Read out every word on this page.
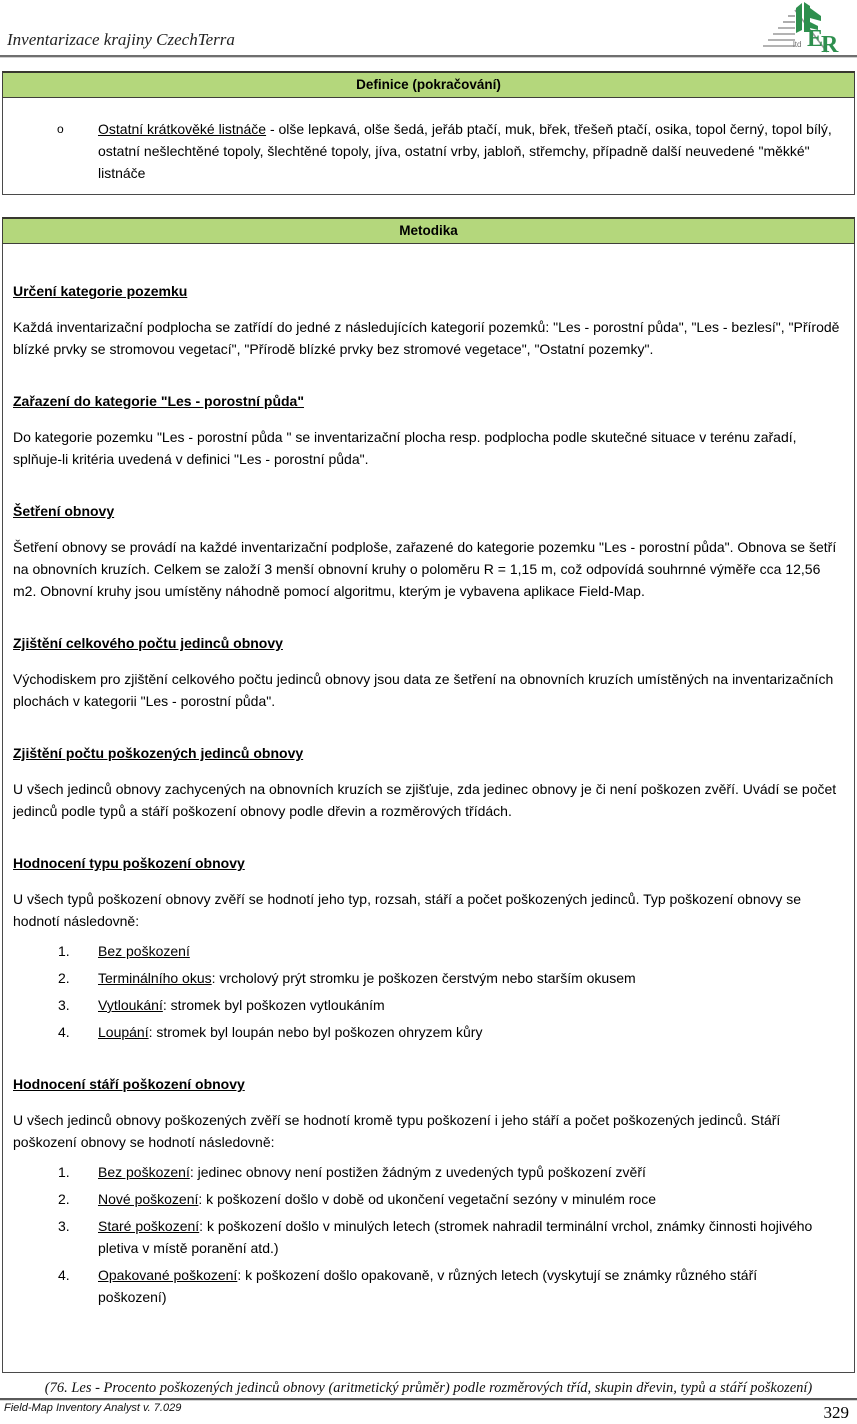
Inventarizace krajiny CzechTerra	E
R
ltd
Definice (pokračování)
o	Ostatní krátkověké listnáče - olše lepkavá, olše šedá, jeřáb ptačí, muk, břek, třešeň ptačí, osika, topol černý, topol bílý, ostatní nešlechtěné topoly, šlechtěné topoly, jíva, ostatní vrby, jabloň, střemchy, případně další neuvedené "měkké" listnáče
Metodika
Určení kategorie pozemku
Každá inventarizační podplocha se zatřídí do jedné z následujících kategorií pozemků: "Les - porostní půda", "Les - bezlesí", "Přírodě blízké prvky se stromovou vegetací", "Přírodě blízké prvky bez stromové vegetace", "Ostatní pozemky".
Zařazení do kategorie "Les - porostní půda"
Do kategorie pozemku "Les - porostní půda " se inventarizační plocha resp. podplocha podle skutečné situace v terénu zařadí, splňuje-li kritéria uvedená v definici "Les - porostní půda".
Šetření obnovy
Šetření obnovy se provádí na každé inventarizační podploše, zařazené do kategorie pozemku "Les - porostní půda". Obnova se šetří na obnovních kruzích. Celkem se založí 3 menší obnovní kruhy o poloměru R = 1,15 m, což odpovídá souhrnné výměře cca 12,56 m2. Obnovní kruhy jsou umístěny náhodně pomocí algoritmu, kterým je vybavena aplikace Field-Map.
Zjištění celkového počtu jedinců obnovy
Východiskem pro zjištění celkového počtu jedinců obnovy jsou data ze šetření na obnovních kruzích umístěných na inventarizačních plochách v kategorii "Les - porostní půda".
Zjištění počtu poškozených jedinců obnovy
U všech jedinců obnovy zachycených na obnovních kruzích se zjišťuje, zda jedinec obnovy je či není poškozen zvěří. Uvádí se počet jedinců podle typů a stáří poškození obnovy podle dřevin a rozměrových třídách.
Hodnocení typu poškození obnovy
U všech typů poškození obnovy zvěří se hodnotí jeho typ, rozsah, stáří a počet poškozených jedinců. Typ poškození obnovy se hodnotí následovně:
1.	Bez poškození
2.	Terminálního okus: vrcholový prýt stromku je poškozen čerstvým nebo starším okusem
3.	Vytloukání: stromek byl poškozen vytloukáním
4.	Loupání: stromek byl loupán nebo byl poškozen ohryzem kůry
Hodnocení stáří poškození obnovy
U všech jedinců obnovy poškozených zvěří se hodnotí kromě typu poškození i jeho stáří a počet poškozených jedinců. Stáří poškození obnovy se hodnotí následovně:
1.	Bez poškození: jedinec obnovy není postižen žádným z uvedených typů poškození zvěří
2.	Nové poškození: k poškození došlo v době od ukončení vegetační sezóny v minulém roce
3.	Staré poškození: k poškození došlo v minulých letech (stromek nahradil terminální vrchol, známky činnosti hojivého pletiva v místě poranění atd.)
4.	Opakované poškození: k poškození došlo opakovaně, v různých letech (vyskytují se známky různého stáří poškození)
(76. Les - Procento poškozených jedinců obnovy (aritmetický průměr) podle rozměrových tříd, skupin dřevin, typů a stáří poškození)
Field-Map Inventory Analyst v. 7.029	329
